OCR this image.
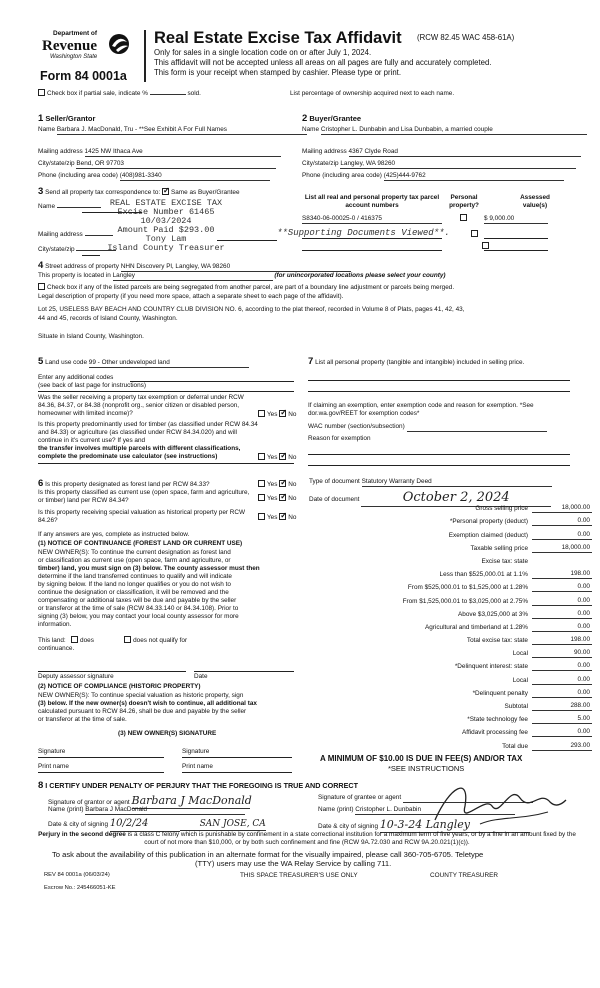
Department of
Revenue
Washington State
Form 84 0001a
Real Estate Excise Tax Affidavit (RCW 82.45 WAC 458-61A)
Only for sales in a single location code on or after July 1, 2024.
This affidavit will not be accepted unless all areas on all pages are fully and accurately completed.
This form is your receipt when stamped by cashier. Please type or print.
Check box if partial sale, indicate %	sold.	List percentage of ownership acquired next to each name.
1 Seller/Grantor
Name Barbara J. MacDonald, Tru - **See Exhibit A For Full Names
Mailing address 1425 NW Ithaca Ave
City/state/zip Bend, OR 97703
Phone (including area code) (408)981-3340
2 Buyer/Grantee
Name Cristopher L. Dunbabin and Lisa Dunbabin, a married couple
Mailing address 4367 Clyde Road
City/state/zip Langley, WA 98260
Phone (including area code) (425)444-9762
3 Send all property tax correspondence to: ✓ Same as Buyer/Grantee
Name
Mailing address
City/state/zip
REAL ESTATE EXCISE TAX
Excise Number 61465
10/03/2024
Amount Paid $293.00
Tony Lam
Island County Treasurer
**Supporting Documents Viewed**.
List all real and personal property tax parcel account numbers
Personal property?
Assessed value(s)
S8340-06-00025-0 / 416375
	$ 9,000.00

4 Street address of property NHN Discovery Pl, Langley, WA 98260
This property is located in Langley	(for unincorporated locations please select your county)
Check box if any of the listed parcels are being segregated from another parcel, are part of a boundary line adjustment or parcels being merged.
Legal description of property (if you need more space, attach a separate sheet to each page of the affidavit).
Lot 25, USELESS BAY BEACH AND COUNTRY CLUB DIVISION NO. 6, according to the plat thereof, recorded in Volume 8 of Plats, pages 41, 42, 43,
44 and 45, records of Island County, Washington.
Situate in Island County, Washington.
5 Land use code 99 - Other undeveloped land
Enter any additional codes
(see back of last page for instructions)
Was the seller receiving a property tax exemption or deferral under RCW 84.36, 84.37, or 84.38 (nonprofit org., senior citizen or disabled person, homeowner with limited income)?	Yes ✓ No
Is this property predominantly used for timber (as classified under RCW 84.34 and 84.33) or agriculture (as classified under RCW 84.34.020) and will continue in it's current use? If yes and
the transfer involves multiple parcels with different classifications,
complete the predominate use calculator (see instructions)	Yes ✓ No
7 List all personal property (tangible and intangible) included in selling price.
If claiming an exemption, enter exemption code and reason for exemption. *See dor.wa.gov/REET for exemption codes*
WAC number (section/subsection)
Reason for exemption
6 Is this property designated as forest land per RCW 84.33?	Yes ✓ No
Is this property classified as current use (open space, farm and agriculture, or timber) land per RCW 84.34?	Yes ✓ No
Is this property receiving special valuation as historical property per RCW 84.26?	Yes ✓ No
If any answers are yes, complete as instructed below.
(1) NOTICE OF CONTINUANCE (FOREST LAND OR CURRENT USE)
NEW OWNER(S): To continue the current designation as forest land
or classification as current use (open space, farm and agriculture, or
timber) land, you must sign on (3) below. The county assessor must then
determine if the land transferred continues to qualify and will indicate
by signing below. If the land no longer qualifies or you do not wish to
continue the designation or classification, it will be removed and the
compensating or additional taxes will be due and payable by the seller
or transferor at the time of sale (RCW 84.33.140 or 84.34.108). Prior to
signing (3) below, you may contact your local county assessor for more
information.
This land: does	does not qualify for
continuance.
Deputy assessor signature	Date
(2) NOTICE OF COMPLIANCE (HISTORIC PROPERTY)
NEW OWNER(S): To continue special valuation as historic property, sign
(3) below. If the new owner(s) doesn't wish to continue, all additional tax
calculated pursuant to RCW 84.26, shall be due and payable by the seller
or transferor at the time of sale.
(3) NEW OWNER(S) SIGNATURE
Signature	Signature
Print name	Print name
Type of document Statutory Warranty Deed
Date of document	October 2, 2024
Gross selling price	18,000.00
*Personal property (deduct)	0.00
Exemption claimed (deduct)	0.00
Taxable selling price	18,000.00
Excise tax: state
Less than $525,000.01 at 1.1%	198.00
From $525,000.01 to $1,525,000 at 1.28%	0.00
From $1,525,000.01 to $3,025,000 at 2.75%	0.00
Above $3,025,000 at 3%	0.00
Agricultural and timberland at 1.28%	0.00
Total excise tax: state	198.00
Local	90.00
*Delinquent interest: state	0.00
Local	0.00
*Delinquent penalty	0.00
Subtotal	288.00
*State technology fee	5.00
Affidavit processing fee	0.00
Total due	293.00
A MINIMUM OF $10.00 IS DUE IN FEE(S) AND/OR TAX
*SEE INSTRUCTIONS
8 I CERTIFY UNDER PENALTY OF PERJURY THAT THE FOREGOING IS TRUE AND CORRECT
Signature of grantor or agent Barbara J MacDonald
Name (print) Barbara J MacDonald
Date & city of signing 10/2/24	SAN JOSE, CA
Signature of grantee or agent
Name (print) Cristopher L. Dunbabin
Date & city of signing 10-3-24 Langley
Perjury in the second degree is a class C felony which is punishable by confinement in a state correctional institution for a maximum term of five years, or by a fine in an amount fixed by the court of not more than $10,000, or by both such confinement and fine (RCW 9A.72.030 and RCW 9A.20.021(1)(c)).
To ask about the availability of this publication in an alternate format for the visually impaired, please call 360-705-6705. Teletype
(TTY) users may use the WA Relay Service by calling 711.
REV 84 0001a (06/03/24)	THIS SPACE TREASURER'S USE ONLY	COUNTY TREASURER
Escrow No.: 245466051-KE
